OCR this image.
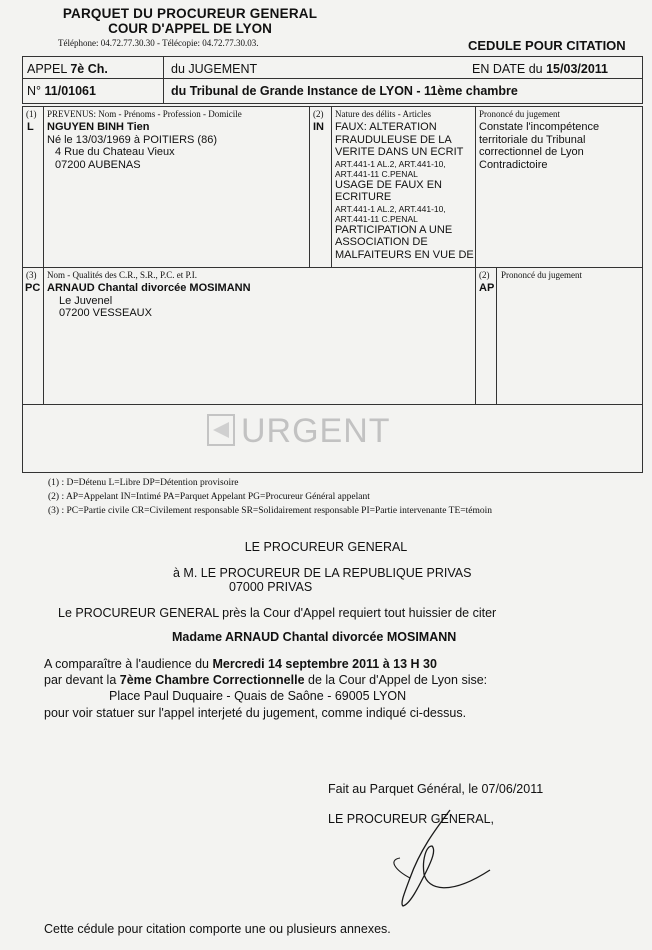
PARQUET DU PROCUREUR GENERAL
COUR D'APPEL DE LYON
Téléphone: 04.72.77.30.30 - Télécopie: 04.72.77.30.03.	CEDULE POUR CITATION
APPEL 7è Ch.
N° 11/01061
du JUGEMENT	EN DATE du 15/03/2011
du Tribunal de Grande Instance de LYON - 11ème chambre
(1)
L
PREVENUS: Nom - Prénoms - Profession - Domicile
NGUYEN BINH Tien
Né le 13/03/1969 à POITIERS (86)
4 Rue du Chateau Vieux
07200 AUBENAS
(2)
IN
Nature des délits - Articles
FAUX: ALTERATION
FRAUDULEUSE DE LA
VERITE DANS UN ECRIT
ART.441-1 AL.2, ART.441-10,
ART.441-11 C.PENAL
USAGE DE FAUX EN
ECRITURE
ART.441-1 AL.2, ART.441-10,
ART.441-11 C.PENAL
PARTICIPATION A UNE
ASSOCIATION DE
MALFAITEURS EN VUE DE
Prononcé du jugement
Constate l'incompétence
territoriale du Tribunal
correctionnel de Lyon
Contradictoire
(3)
PC
Nom - Qualités des C.R., S.R., P.C. et P.I.
ARNAUD Chantal divorcée MOSIMANN
Le Juvenel
07200 VESSEAUX
(2)
AP
Prononcé du jugement
URGENT
(1) : D=Détenu L=Libre DP=Détention provisoire
(2) : AP=Appelant IN=Intimé PA=Parquet Appelant PG=Procureur Général appelant
(3) : PC=Partie civile CR=Civilement responsable SR=Solidairement responsable PI=Partie intervenante TE=témoin
LE PROCUREUR GENERAL
à M. LE PROCUREUR DE LA REPUBLIQUE PRIVAS
07000 PRIVAS
Le PROCUREUR GENERAL près la Cour d'Appel requiert tout huissier de citer
Madame ARNAUD Chantal divorcée MOSIMANN
A comparaître à l'audience du Mercredi 14 septembre 2011 à 13 H 30
par devant la 7ème Chambre Correctionnelle de la Cour d'Appel de Lyon sise:
Place Paul Duquaire - Quais de Saône - 69005 LYON
pour voir statuer sur l'appel interjeté du jugement, comme indiqué ci-dessus.
Fait au Parquet Général, le 07/06/2011
LE PROCUREUR GENERAL,
Cette cédule pour citation comporte une ou plusieurs annexes.
